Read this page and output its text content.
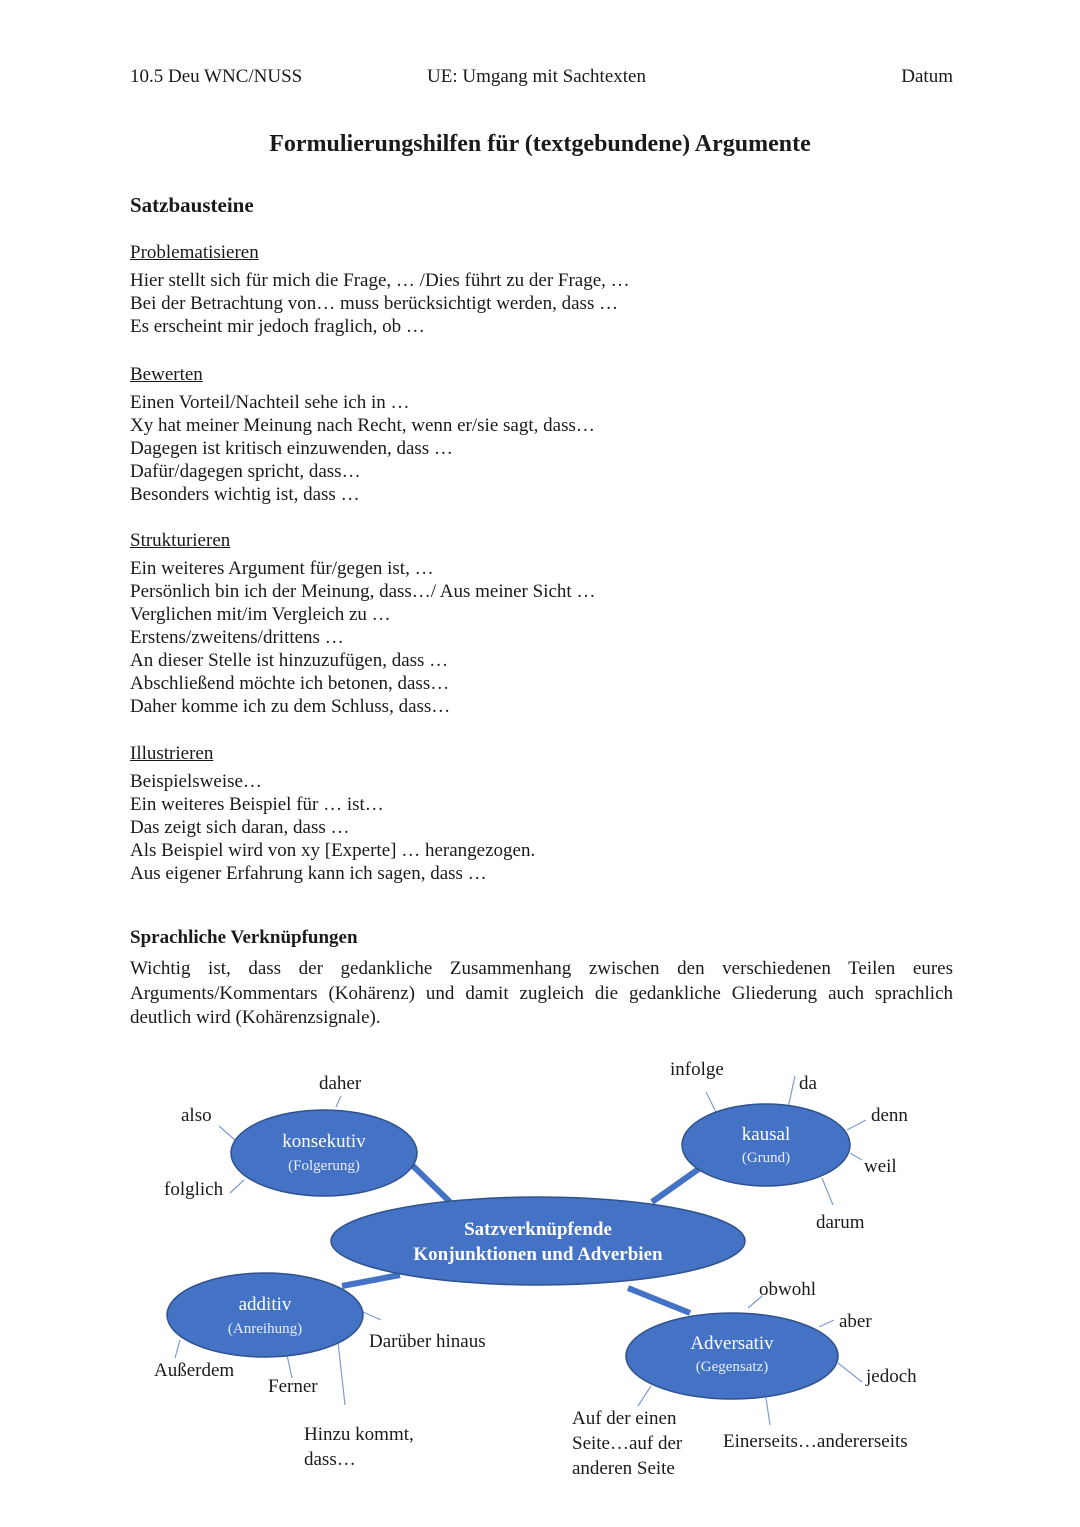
10.5 Deu WNC/NUSS	UE: Umgang mit Sachtexten	Datum
Formulierungshilfen für (textgebundene) Argumente
Satzbausteine
Problematisieren
Hier stellt sich für mich die Frage, … /Dies führt zu der Frage, …
Bei der Betrachtung von… muss berücksichtigt werden, dass …
Es erscheint mir jedoch fraglich, ob …
Bewerten
Einen Vorteil/Nachteil sehe ich in …
Xy hat meiner Meinung nach Recht, wenn er/sie sagt, dass…
Dagegen ist kritisch einzuwenden, dass …
Dafür/dagegen spricht, dass…
Besonders wichtig ist, dass …
Strukturieren
Ein weiteres Argument für/gegen ist, …
Persönlich bin ich der Meinung, dass…/ Aus meiner Sicht …
Verglichen mit/im Vergleich zu …
Erstens/zweitens/drittens …
An dieser Stelle ist hinzuzufügen, dass …
Abschließend möchte ich betonen, dass…
Daher komme ich zu dem Schluss, dass…
Illustrieren
Beispielsweise…
Ein weiteres Beispiel für … ist…
Das zeigt sich daran, dass …
Als Beispiel wird von xy [Experte] … herangezogen.
Aus eigener Erfahrung kann ich sagen, dass …
Sprachliche Verknüpfungen
Wichtig ist, dass der gedankliche Zusammenhang zwischen den verschiedenen Teilen eures Arguments/Kommentars (Kohärenz) und damit zugleich die gedankliche Gliederung auch sprachlich deutlich wird (Kohärenzsignale).
konsekutiv
(Folgerung)
kausal
(Grund)
Satzverknüpfende
Konjunktionen und Adverbien
additiv
(Anreihung)
Adversativ
(Gegensatz)
daher
also
folglich
infolge
da
denn
weil
darum
Außerdem
Ferner
Darüber hinaus
Hinzu kommt,
dass…
obwohl
aber
jedoch
Auf der einen
Seite…auf der
anderen Seite
Einerseits…andererseits
